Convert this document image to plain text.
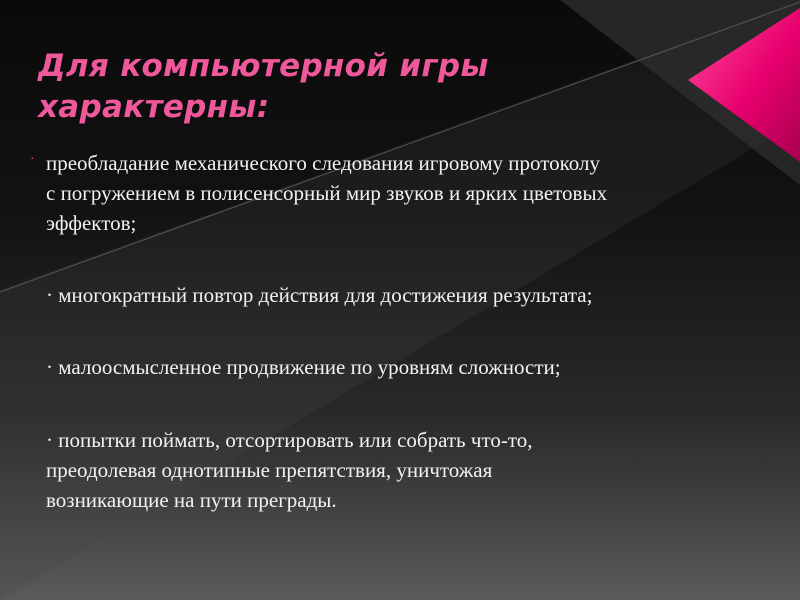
Для компьютерной игры
характерны:
· преобладание механического следования игровому протоколу
с погружением в полисенсорный мир звуков и ярких цветовых
эффектов;
· многократный повтор действия для достижения результата;
· малоосмысленное продвижение по уровням сложности;
· попытки поймать, отсортировать или собрать что-то,
преодолевая однотипные препятствия, уничтожая
возникающие на пути преграды.
